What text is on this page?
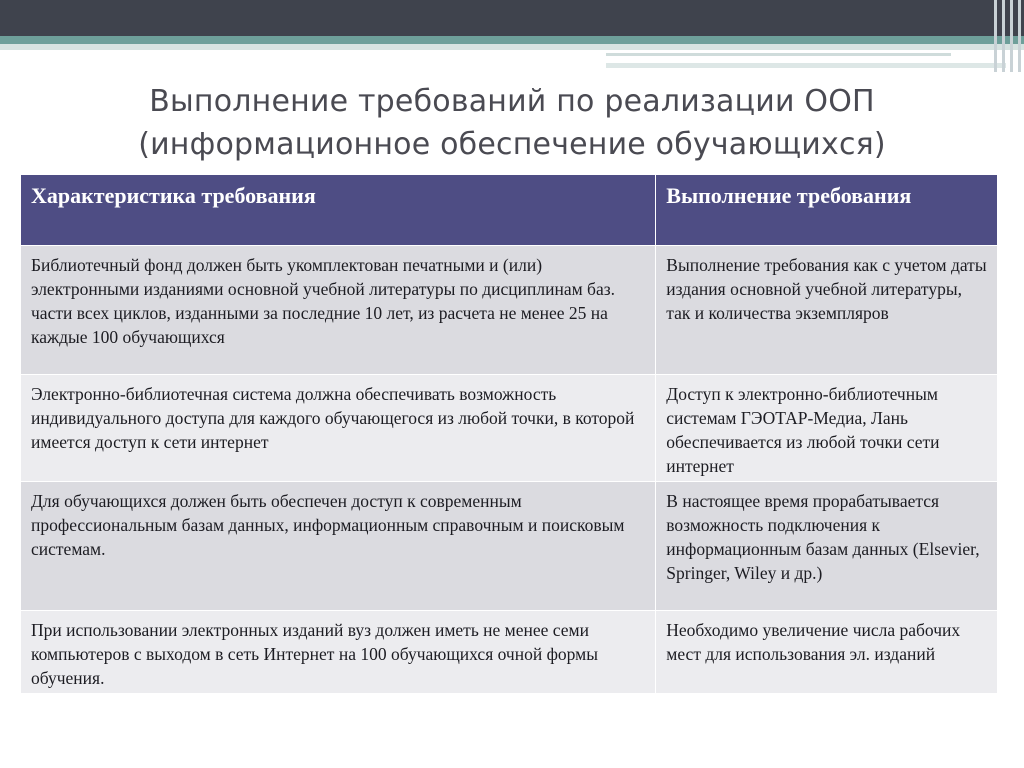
Выполнение требований по реализации ООП
(информационное обеспечение обучающихся)
Характеристика требования	Выполнение требования
Библиотечный фонд должен быть укомплектован печатными и (или) электронными изданиями основной учебной литературы по дисциплинам баз. части всех циклов, изданными за последние 10 лет, из расчета не менее 25 на каждые 100 обучающихся	Выполнение требования как с учетом даты издания основной учебной литературы, так и количества экземпляров
Электронно-библиотечная система должна обеспечивать возможность индивидуального доступа для каждого обучающегося из любой точки, в которой имеется доступ к сети интернет	Доступ к электронно-библиотечным системам ГЭОТАР-Медиа, Лань обеспечивается из любой точки сети интернет
Для обучающихся должен быть обеспечен доступ к современным профессиональным базам данных, информационным справочным и поисковым системам.	В настоящее время прорабатывается возможность подключения к информационным базам данных (Elsevier, Springer, Wiley и др.)
При использовании электронных изданий вуз должен иметь не менее семи компьютеров с выходом в сеть Интернет на 100 обучающихся очной формы обучения.	Необходимо увеличение числа рабочих мест для использования эл. изданий
